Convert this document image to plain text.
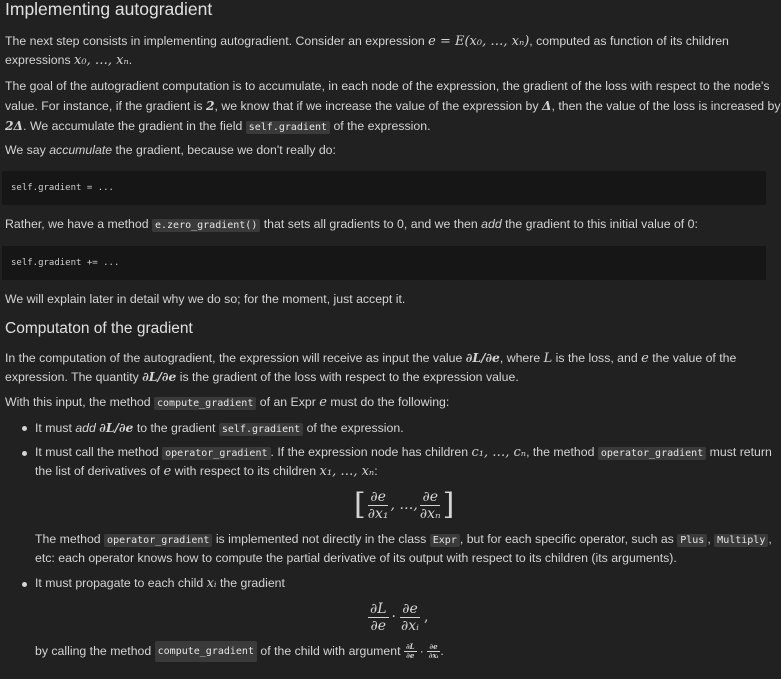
Implementing autogradient
The next step consists in implementing autogradient. Consider an expression e = E(x₀, …, xₙ), computed as function of its children
expressions x₀, …, xₙ.
The goal of the autogradient computation is to accumulate, in each node of the expression, the gradient of the loss with respect to the node's
value. For instance, if the gradient is 2, we know that if we increase the value of the expression by Δ, then the value of the loss is increased by
2Δ. We accumulate the gradient in the field self.gradient of the expression.
We say accumulate the gradient, because we don't really do:
self.gradient = ...
Rather, we have a method e.zero_gradient() that sets all gradients to 0, and we then add the gradient to this initial value of 0:
self.gradient += ...
We will explain later in detail why we do so; for the moment, just accept it.
Computaton of the gradient
In the computation of the autogradient, the expression will receive as input the value ∂L/∂e, where L is the loss, and e the value of the
expression. The quantity ∂L/∂e is the gradient of the loss with respect to the expression value.
With this input, the method compute_gradient of an Expr e must do the following:
It must add ∂L/∂e to the gradient self.gradient of the expression.
It must call the method operator_gradient . If the expression node has children c₁, …, cₙ, the method operator_gradient must return
the list of derivatives of e with respect to its children x₁, …, xₙ:
[ $\frac{\partial e}{\text{∂x₁}}$ , …, $\frac{\partial e}{\text{∂xₙ}}$ ]
The method operator_gradient is implemented not directly in the class Expr , but for each specific operator, such as Plus , Multiply ,
etc: each operator knows how to compute the partial derivative of its output with respect to its children (its arguments).
It must propagate to each child xᵢ the gradient
$\frac{\partial L}{\partial e} \cdot \frac{\partial e}{\text{∂xᵢ}}$ ,
by calling the method
compute_gradient
of the child with argument
$\frac{\partial L}{\partial e} \cdot \frac{\partial e}{\text{∂xᵢ}}$ .
